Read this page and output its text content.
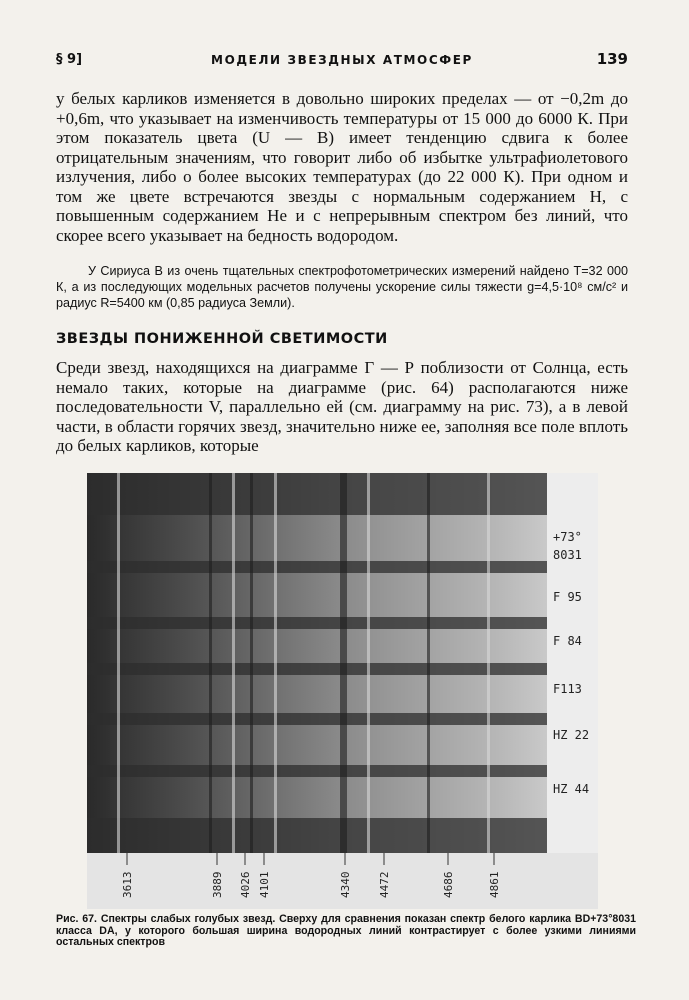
§ 9]	МОДЕЛИ ЗВЕЗДНЫХ АТМОСФЕР	139

у белых карликов изменяется в довольно широких пределах — от −0,2m до +0,6m, что указывает на изменчивость температуры от 15 000 до 6000 К. При этом показатель цвета (U — B) имеет тенденцию сдвига к более отрицательным значениям, что говорит либо об избытке ультрафиолетового излучения, либо о более высоких температурах (до 22 000 К). При одном и том же цвете встречаются звезды с нормальным содержанием H, с повышенным содержанием He и с непрерывным спектром без линий, что скорее всего указывает на бедность водородом.

У Сириуса B из очень тщательных спектрофотометрических измерений найдено T=32 000 К, а из последующих модельных расчетов получены ускорение силы тяжести g=4,5·10⁸ см/с² и радиус R=5400 км (0,85 радиуса Земли).

ЗВЕЗДЫ ПОНИЖЕННОЙ СВЕТИМОСТИ

Среди звезд, находящихся на диаграмме Г — Р поблизости от Солнца, есть немало таких, которые на диаграмме (рис. 64) располагаются ниже последовательности V, параллельно ей (см. диаграмму на рис. 73), а в левой части, в области горячих звезд, значительно ниже ее, заполняя все поле вплоть до белых карликов, которые

+73°
8031
F 95
F 84
F113
HZ 22
HZ 44
3613	3889 4026 4101	4340 4472	4686	4861

Рис. 67. Спектры слабых голубых звезд. Сверху для сравнения показан спектр белого карлика BD+73°8031 класса DA, у которого большая ширина водородных линий контрастирует с более узкими линиями остальных спектров
